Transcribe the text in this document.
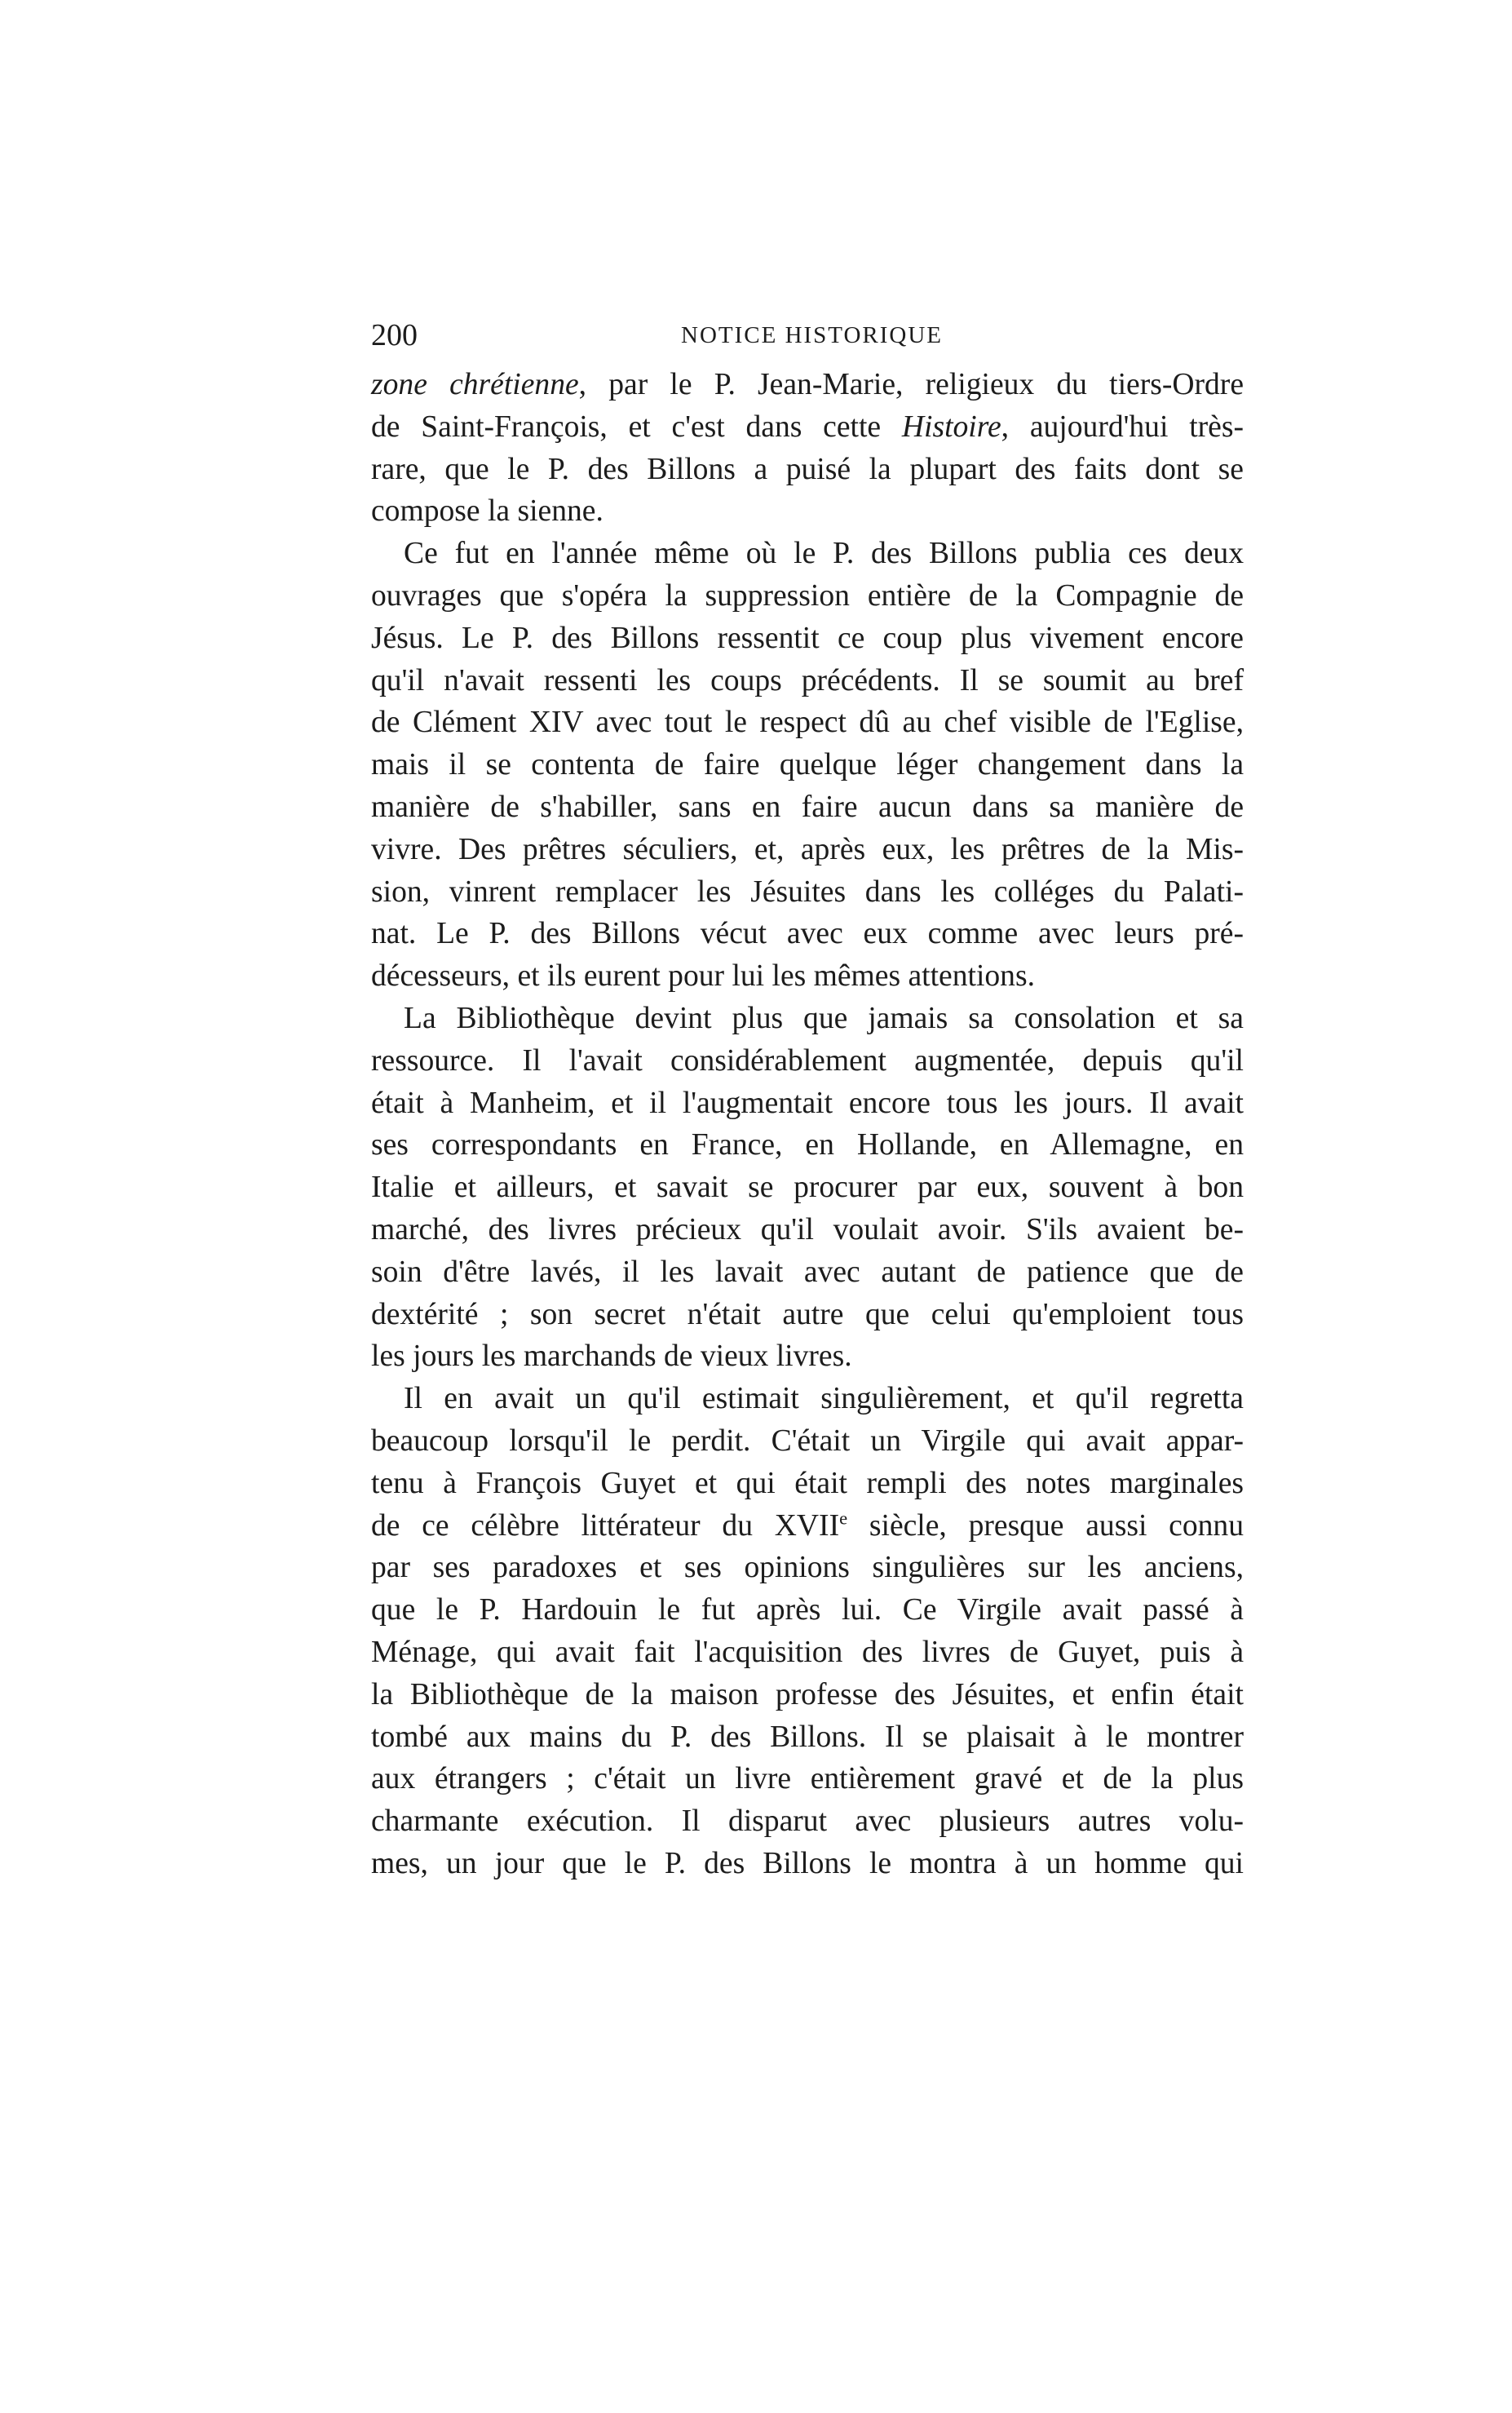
200	NOTICE HISTORIQUE

zone chrétienne, par le P. Jean-Marie, religieux du tiers-Ordre
de Saint-François, et c'est dans cette Histoire, aujourd'hui très-
rare, que le P. des Billons a puisé la plupart des faits dont se
compose la sienne.

Ce fut en l'année même où le P. des Billons publia ces deux
ouvrages que s'opéra la suppression entière de la Compagnie de
Jésus. Le P. des Billons ressentit ce coup plus vivement encore
qu'il n'avait ressenti les coups précédents. Il se soumit au bref
de Clément XIV avec tout le respect dû au chef visible de l'Eglise,
mais il se contenta de faire quelque léger changement dans la
manière de s'habiller, sans en faire aucun dans sa manière de
vivre. Des prêtres séculiers, et, après eux, les prêtres de la Mis-
sion, vinrent remplacer les Jésuites dans les colléges du Palati-
nat. Le P. des Billons vécut avec eux comme avec leurs pré-
décesseurs, et ils eurent pour lui les mêmes attentions.

La Bibliothèque devint plus que jamais sa consolation et sa
ressource. Il l'avait considérablement augmentée, depuis qu'il
était à Manheim, et il l'augmentait encore tous les jours. Il avait
ses correspondants en France, en Hollande, en Allemagne, en
Italie et ailleurs, et savait se procurer par eux, souvent à bon
marché, des livres précieux qu'il voulait avoir. S'ils avaient be-
soin d'être lavés, il les lavait avec autant de patience que de
dextérité ; son secret n'était autre que celui qu'emploient tous
les jours les marchands de vieux livres.

Il en avait un qu'il estimait singulièrement, et qu'il regretta
beaucoup lorsqu'il le perdit. C'était un Virgile qui avait appar-
tenu à François Guyet et qui était rempli des notes marginales
de ce célèbre littérateur du XVIIe siècle, presque aussi connu
par ses paradoxes et ses opinions singulières sur les anciens,
que le P. Hardouin le fut après lui. Ce Virgile avait passé à
Ménage, qui avait fait l'acquisition des livres de Guyet, puis à
la Bibliothèque de la maison professe des Jésuites, et enfin était
tombé aux mains du P. des Billons. Il se plaisait à le montrer
aux étrangers ; c'était un livre entièrement gravé et de la plus
charmante exécution. Il disparut avec plusieurs autres volu-
mes, un jour que le P. des Billons le montra à un homme qui
